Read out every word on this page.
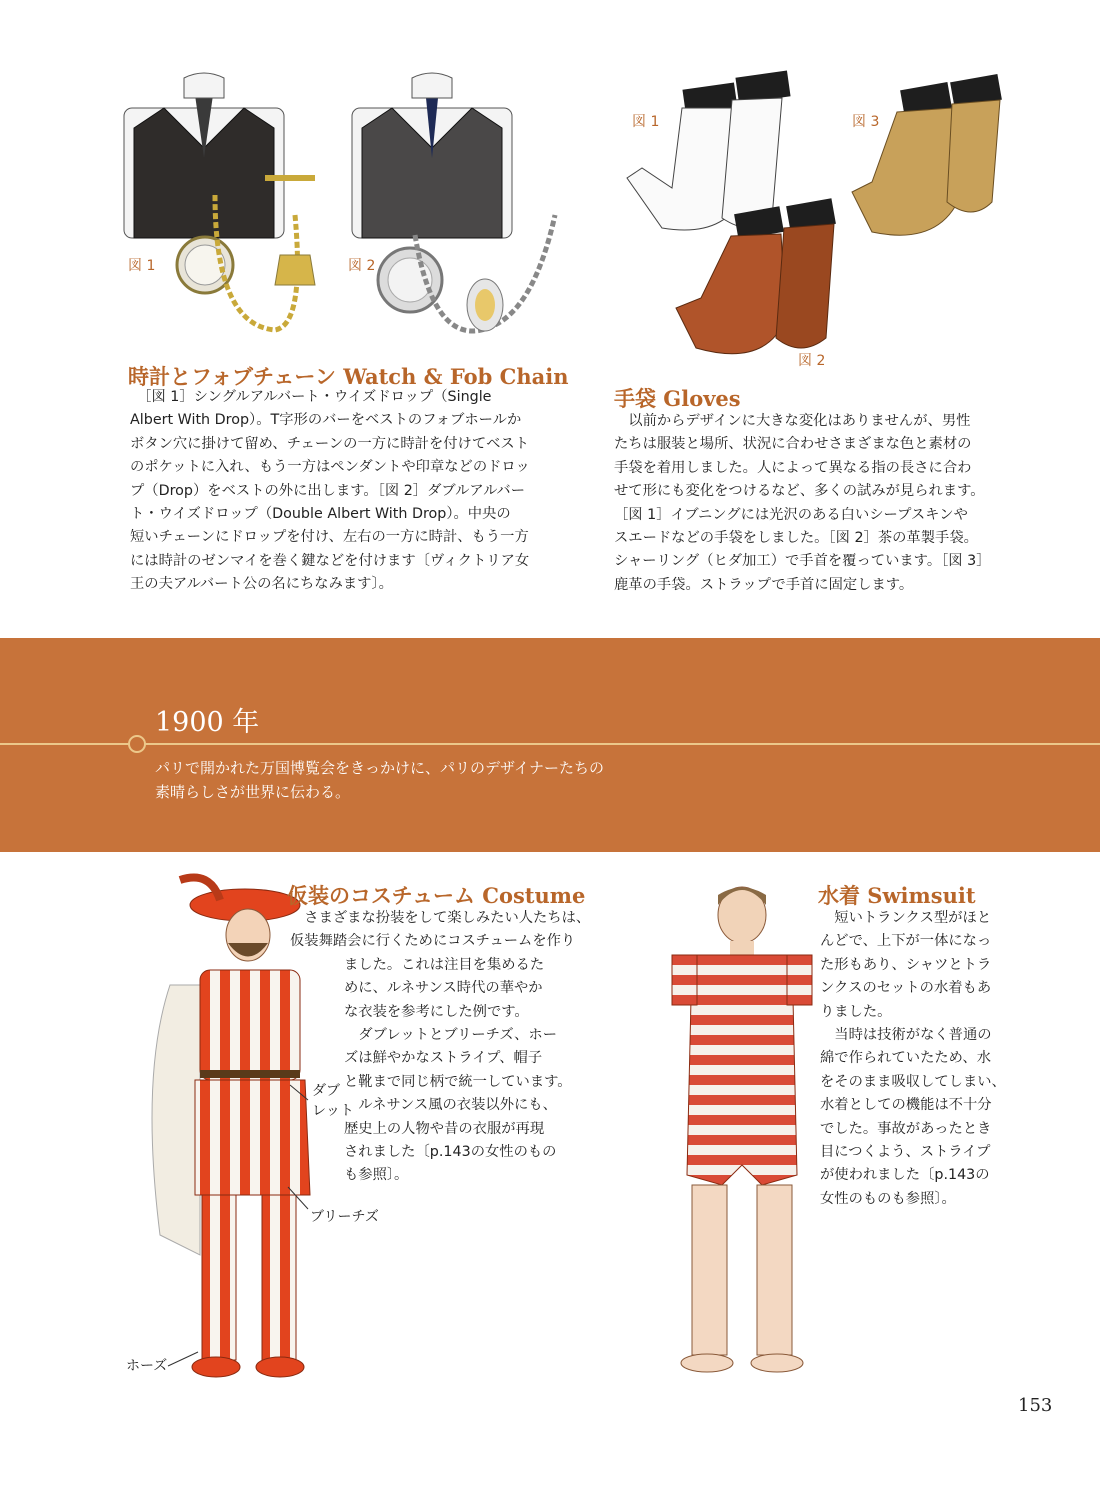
図 1	図 2
時計とフォブチェーン Watch & Fob Chain

　［図 1］シングルアルバート・ウイズドロップ（Single

Albert With Drop）。T字形のバーをベストのフォブホールか

ボタン穴に掛けて留め、チェーンの一方に時計を付けてベスト

のポケットに入れ、もう一方はペンダントや印章などのドロッ

プ（Drop）をベストの外に出します。［図 2］ダブルアルバー

ト・ウイズドロップ（Double Albert With Drop）。中央の

短いチェーンにドロップを付け、左右の一方に時計、もう一方

には時計のゼンマイを巻く鍵などを付けます〔ヴィクトリア女

王の夫アルバート公の名にちなみます〕。

図 1	図 3
図 2
手袋 Gloves

　以前からデザインに大きな変化はありませんが、男性

たちは服装と場所、状況に合わせさまざまな色と素材の

手袋を着用しました。人によって異なる指の長さに合わ

せて形にも変化をつけるなど、多くの試みが見られます。

［図 1］イブニングには光沢のある白いシープスキンや

スエードなどの手袋をしました。［図 2］茶の革製手袋。

シャーリング（ヒダ加工）で手首を覆っています。［図 3］

鹿革の手袋。ストラップで手首に固定します。

1900 年

パリで開かれた万国博覧会をきっかけに、パリのデザイナーたちの

素晴らしさが世界に伝わる。

仮装のコスチューム Costume

　さまざまな扮装をして楽しみたい人たちは、

仮装舞踏会に行くためにコスチュームを作り

ました。これは注目を集めるた

めに、ルネサンス時代の華やか

な衣装を参考にした例です。

　ダブレットとブリーチズ、ホー

ズは鮮やかなストライプ、帽子

と靴まで同じ柄で統一しています。

　ルネサンス風の衣装以外にも、

歴史上の人物や昔の衣服が再現

されました〔p.143の女性のもの

も参照〕。

ダブ
レット
ブリーチズ
ホーズ
水着 Swimsuit

　短いトランクス型がほと

んどで、上下が一体になっ

た形もあり、シャツとトラ

ンクスのセットの水着もあ

りました。

　当時は技術がなく普通の

綿で作られていたため、水

をそのまま吸収してしまい、

水着としての機能は不十分

でした。事故があったとき

目につくよう、ストライプ

が使われました〔p.143の

女性のものも参照〕。

153
